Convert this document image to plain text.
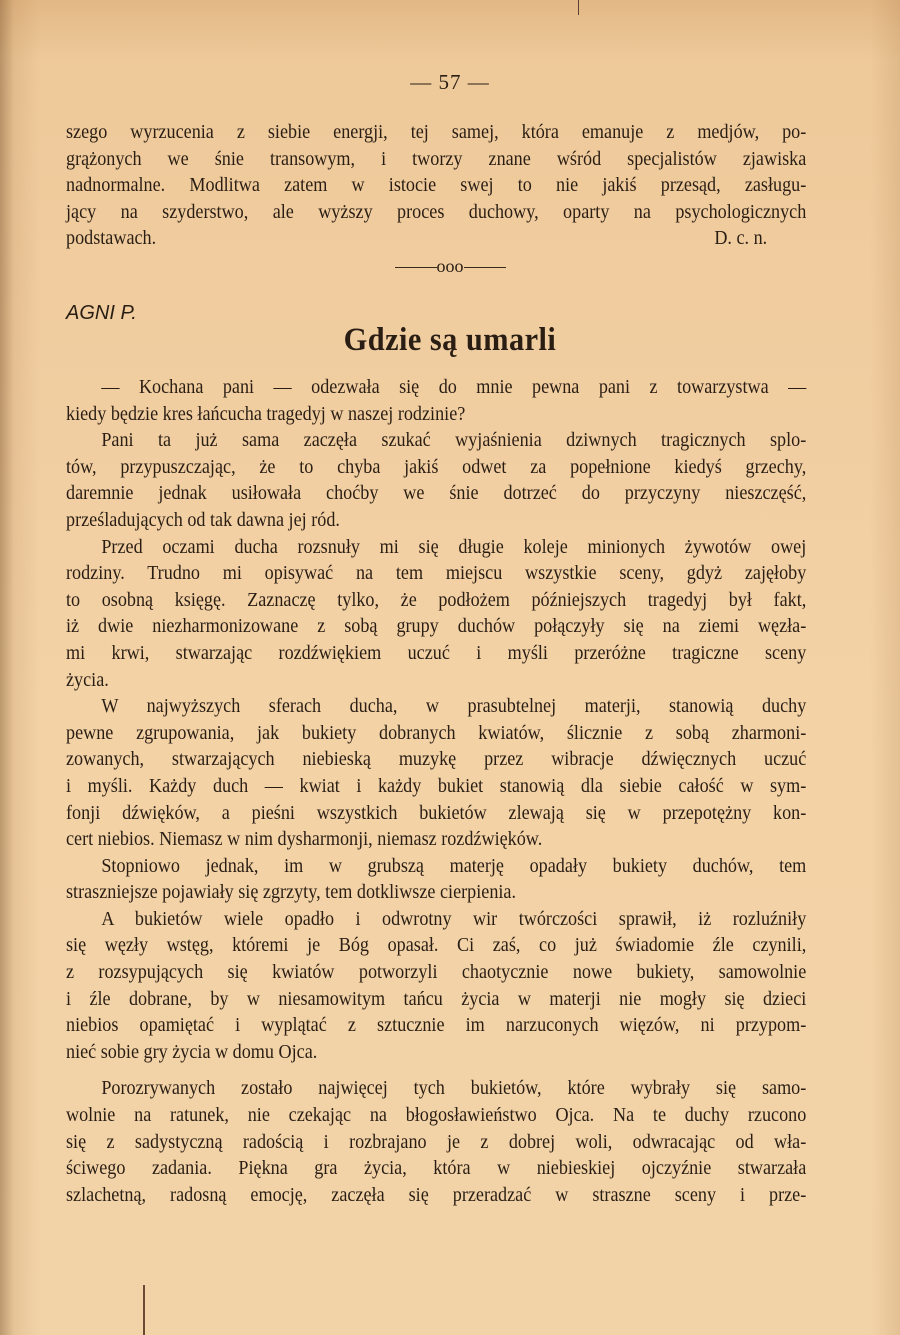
— 57 —
szego wyrzucenia z siebie energji, tej samej, która emanuje z medjów, po-
grążonych we śnie transowym, i tworzy znane wśród specjalistów zjawiska
nadnormalne. Modlitwa zatem w istocie swej to nie jakiś przesąd, zasługu-
jący na szyderstwo, ale wyższy proces duchowy, oparty na psychologicznych
podstawach.	D. c. n.
ooo
AGNI P.
Gdzie są umarli
— Kochana pani — odezwała się do mnie pewna pani z towarzystwa —
kiedy będzie kres łańcucha tragedyj w naszej rodzinie?
Pani ta już sama zaczęła szukać wyjaśnienia dziwnych tragicznych splo-
tów, przypuszczając, że to chyba jakiś odwet za popełnione kiedyś grzechy,
daremnie jednak usiłowała choćby we śnie dotrzeć do przyczyny nieszczęść,
prześladujących od tak dawna jej ród.
Przed oczami ducha rozsnuły mi się długie koleje minionych żywotów owej
rodziny. Trudno mi opisywać na tem miejscu wszystkie sceny, gdyż zajęłoby
to osobną księgę. Zaznaczę tylko, że podłożem późniejszych tragedyj był fakt,
iż dwie niezharmonizowane z sobą grupy duchów połączyły się na ziemi węzła-
mi krwi, stwarzając rozdźwiękiem uczuć i myśli przeróżne tragiczne sceny
życia.
W najwyższych sferach ducha, w prasubtelnej materji, stanowią duchy
pewne zgrupowania, jak bukiety dobranych kwiatów, ślicznie z sobą zharmoni-
zowanych, stwarzających niebieską muzykę przez wibracje dźwięcznych uczuć
i myśli. Każdy duch — kwiat i każdy bukiet stanowią dla siebie całość w sym-
fonji dźwięków, a pieśni wszystkich bukietów zlewają się w przepotężny kon-
cert niebios. Niemasz w nim dysharmonji, niemasz rozdźwięków.
Stopniowo jednak, im w grubszą materję opadały bukiety duchów, tem
straszniejsze pojawiały się zgrzyty, tem dotkliwsze cierpienia.
A bukietów wiele opadło i odwrotny wir twórczości sprawił, iż rozluźniły
się węzły wstęg, któremi je Bóg opasał. Ci zaś, co już świadomie źle czynili,
z rozsypujących się kwiatów potworzyli chaotycznie nowe bukiety, samowolnie
i źle dobrane, by w niesamowitym tańcu życia w materji nie mogły się dzieci
niebios opamiętać i wyplątać z sztucznie im narzuconych więzów, ni przypom-
nieć sobie gry życia w domu Ojca.
Porozrywanych zostało najwięcej tych bukietów, które wybrały się samo-
wolnie na ratunek, nie czekając na błogosławieństwo Ojca. Na te duchy rzucono
się z sadystyczną radością i rozbrajano je z dobrej woli, odwracając od wła-
ściwego zadania. Piękna gra życia, która w niebieskiej ojczyźnie stwarzała
szlachetną, radosną emocję, zaczęła się przeradzać w straszne sceny i prze-
